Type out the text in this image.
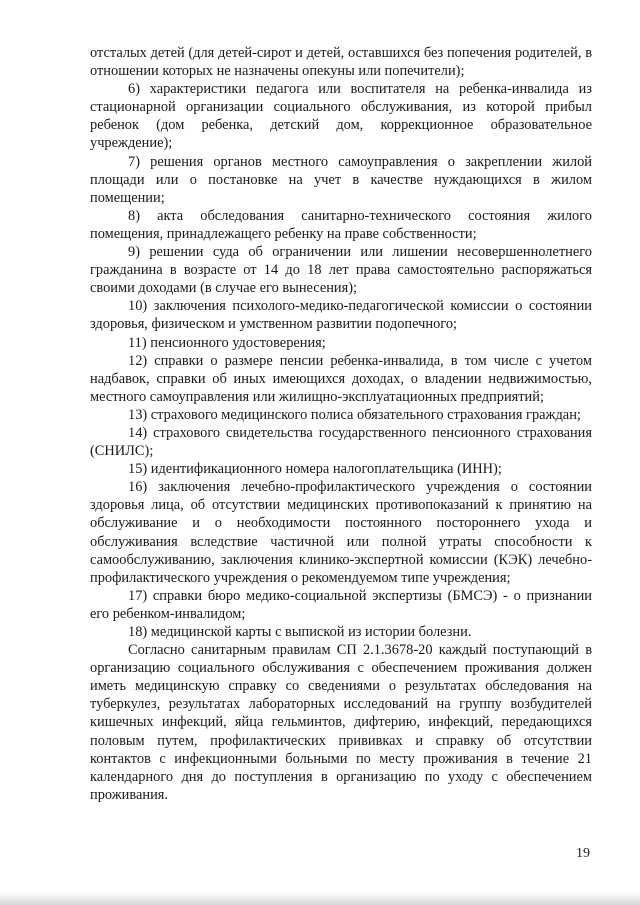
отсталых детей (для детей-сирот и детей, оставшихся без попечения родителей, в отношении которых не назначены опекуны или попечители);

6) характеристики педагога или воспитателя на ребенка-инвалида из стационарной организации социального обслуживания, из которой прибыл ребенок (дом ребенка, детский дом, коррекционное образовательное учреждение);

7) решения органов местного самоуправления о закреплении жилой площади или о постановке на учет в качестве нуждающихся в жилом помещении;

8) акта обследования санитарно-технического состояния жилого помещения, принадлежащего ребенку на праве собственности;

9) решении суда об ограничении или лишении несовершеннолетнего гражданина в возрасте от 14 до 18 лет права самостоятельно распоряжаться своими доходами (в случае его вынесения);

10) заключения психолого-медико-педагогической комиссии о состоянии здоровья, физическом и умственном развитии подопечного;

11) пенсионного удостоверения;

12) справки о размере пенсии ребенка-инвалида, в том числе с учетом надбавок, справки об иных имеющихся доходах, о владении недвижимостью, местного самоуправления или жилищно-эксплуатационных предприятий;

13) страхового медицинского полиса обязательного страхования граждан;

14) страхового свидетельства государственного пенсионного страхования (СНИЛС);

15) идентификационного номера налогоплательщика (ИНН);

16) заключения лечебно-профилактического учреждения о состоянии здоровья лица, об отсутствии медицинских противопоказаний к принятию на обслуживание и о необходимости постоянного постороннего ухода и обслуживания вследствие частичной или полной утраты способности к самообслуживанию, заключения клинико-экспертной комиссии (КЭК) лечебно-профилактического учреждения о рекомендуемом типе учреждения;

17) справки бюро медико-социальной экспертизы (БМСЭ) - о признании его ребенком-инвалидом;

18) медицинской карты с выпиской из истории болезни.

Согласно санитарным правилам СП 2.1.3678-20 каждый поступающий в организацию социального обслуживания с обеспечением проживания должен иметь медицинскую справку со сведениями о результатах обследования на туберкулез, результатах лабораторных исследований на группу возбудителей кишечных инфекций, яйца гельминтов, дифтерию, инфекций, передающихся половым путем, профилактических прививках и справку об отсутствии контактов с инфекционными больными по месту проживания в течение 21 календарного дня до поступления в организацию по уходу с обеспечением проживания.

19
